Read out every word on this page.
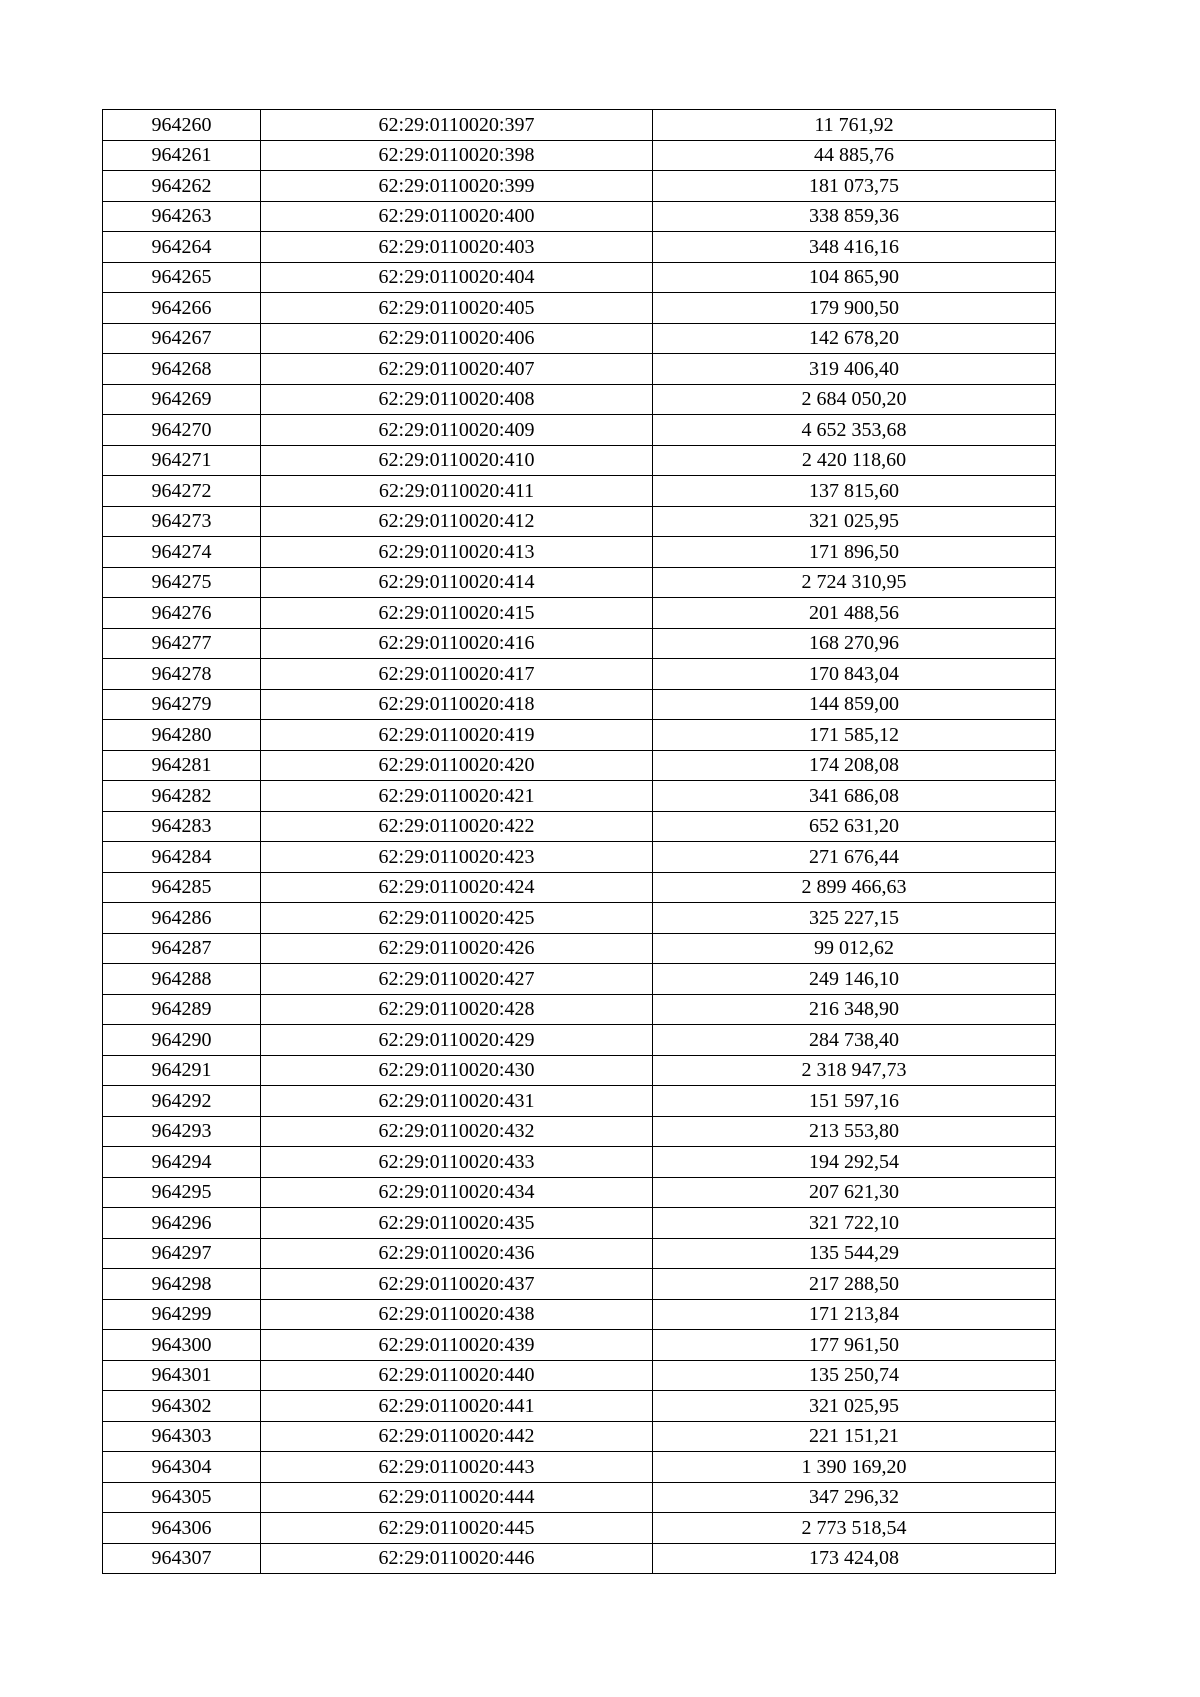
964260	62:29:0110020:397	11 761,92
964261	62:29:0110020:398	44 885,76
964262	62:29:0110020:399	181 073,75
964263	62:29:0110020:400	338 859,36
964264	62:29:0110020:403	348 416,16
964265	62:29:0110020:404	104 865,90
964266	62:29:0110020:405	179 900,50
964267	62:29:0110020:406	142 678,20
964268	62:29:0110020:407	319 406,40
964269	62:29:0110020:408	2 684 050,20
964270	62:29:0110020:409	4 652 353,68
964271	62:29:0110020:410	2 420 118,60
964272	62:29:0110020:411	137 815,60
964273	62:29:0110020:412	321 025,95
964274	62:29:0110020:413	171 896,50
964275	62:29:0110020:414	2 724 310,95
964276	62:29:0110020:415	201 488,56
964277	62:29:0110020:416	168 270,96
964278	62:29:0110020:417	170 843,04
964279	62:29:0110020:418	144 859,00
964280	62:29:0110020:419	171 585,12
964281	62:29:0110020:420	174 208,08
964282	62:29:0110020:421	341 686,08
964283	62:29:0110020:422	652 631,20
964284	62:29:0110020:423	271 676,44
964285	62:29:0110020:424	2 899 466,63
964286	62:29:0110020:425	325 227,15
964287	62:29:0110020:426	99 012,62
964288	62:29:0110020:427	249 146,10
964289	62:29:0110020:428	216 348,90
964290	62:29:0110020:429	284 738,40
964291	62:29:0110020:430	2 318 947,73
964292	62:29:0110020:431	151 597,16
964293	62:29:0110020:432	213 553,80
964294	62:29:0110020:433	194 292,54
964295	62:29:0110020:434	207 621,30
964296	62:29:0110020:435	321 722,10
964297	62:29:0110020:436	135 544,29
964298	62:29:0110020:437	217 288,50
964299	62:29:0110020:438	171 213,84
964300	62:29:0110020:439	177 961,50
964301	62:29:0110020:440	135 250,74
964302	62:29:0110020:441	321 025,95
964303	62:29:0110020:442	221 151,21
964304	62:29:0110020:443	1 390 169,20
964305	62:29:0110020:444	347 296,32
964306	62:29:0110020:445	2 773 518,54
964307	62:29:0110020:446	173 424,08
